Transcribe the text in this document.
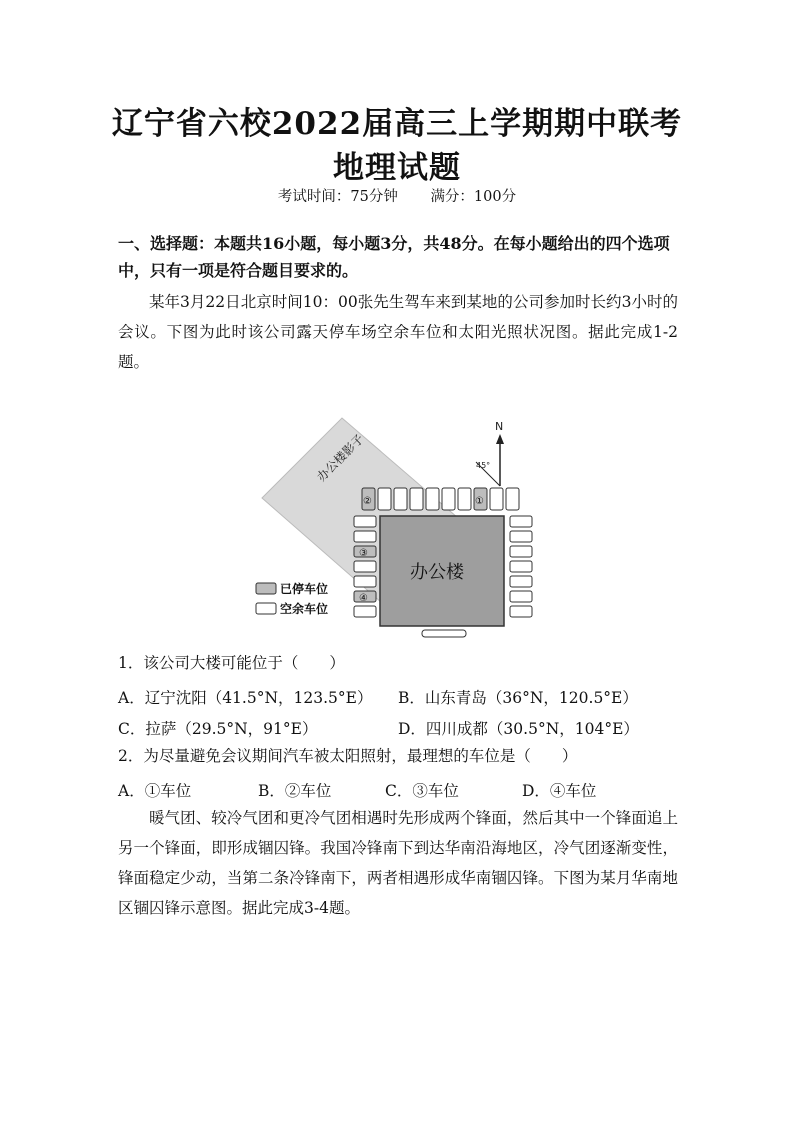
辽宁省六校2022届高三上学期期中联考
地理试题
考试时间：75分钟 满分：100分
一、选择题：本题共16小题，每小题3分，共48分。在每小题给出的四个选项中，只有一项是符合题目要求的。
某年3月22日北京时间10：00张先生驾车来到某地的公司参加时长约3小时的会议。下图为此时该公司露天停车场空余车位和太阳光照状况图。据此完成1-2题。
办公楼影子
N
45°
②	①
办公楼
③
④
已停车位
空余车位
1．该公司大楼可能位于（　　）
A．辽宁沈阳（41.5°N，123.5°E） B．山东青岛（36°N，120.5°E）
C．拉萨（29.5°N，91°E）	D．四川成都（30.5°N，104°E）
2．为尽量避免会议期间汽车被太阳照射，最理想的车位是（　　）
A．①车位	B．②车位	C．③车位	D．④车位
暖气团、较冷气团和更冷气团相遇时先形成两个锋面，然后其中一个锋面追上另一个锋面，即形成锢囚锋。我国冷锋南下到达华南沿海地区，冷气团逐渐变性，锋面稳定少动，当第二条冷锋南下，两者相遇形成华南锢囚锋。下图为某月华南地区锢囚锋示意图。据此完成3-4题。
